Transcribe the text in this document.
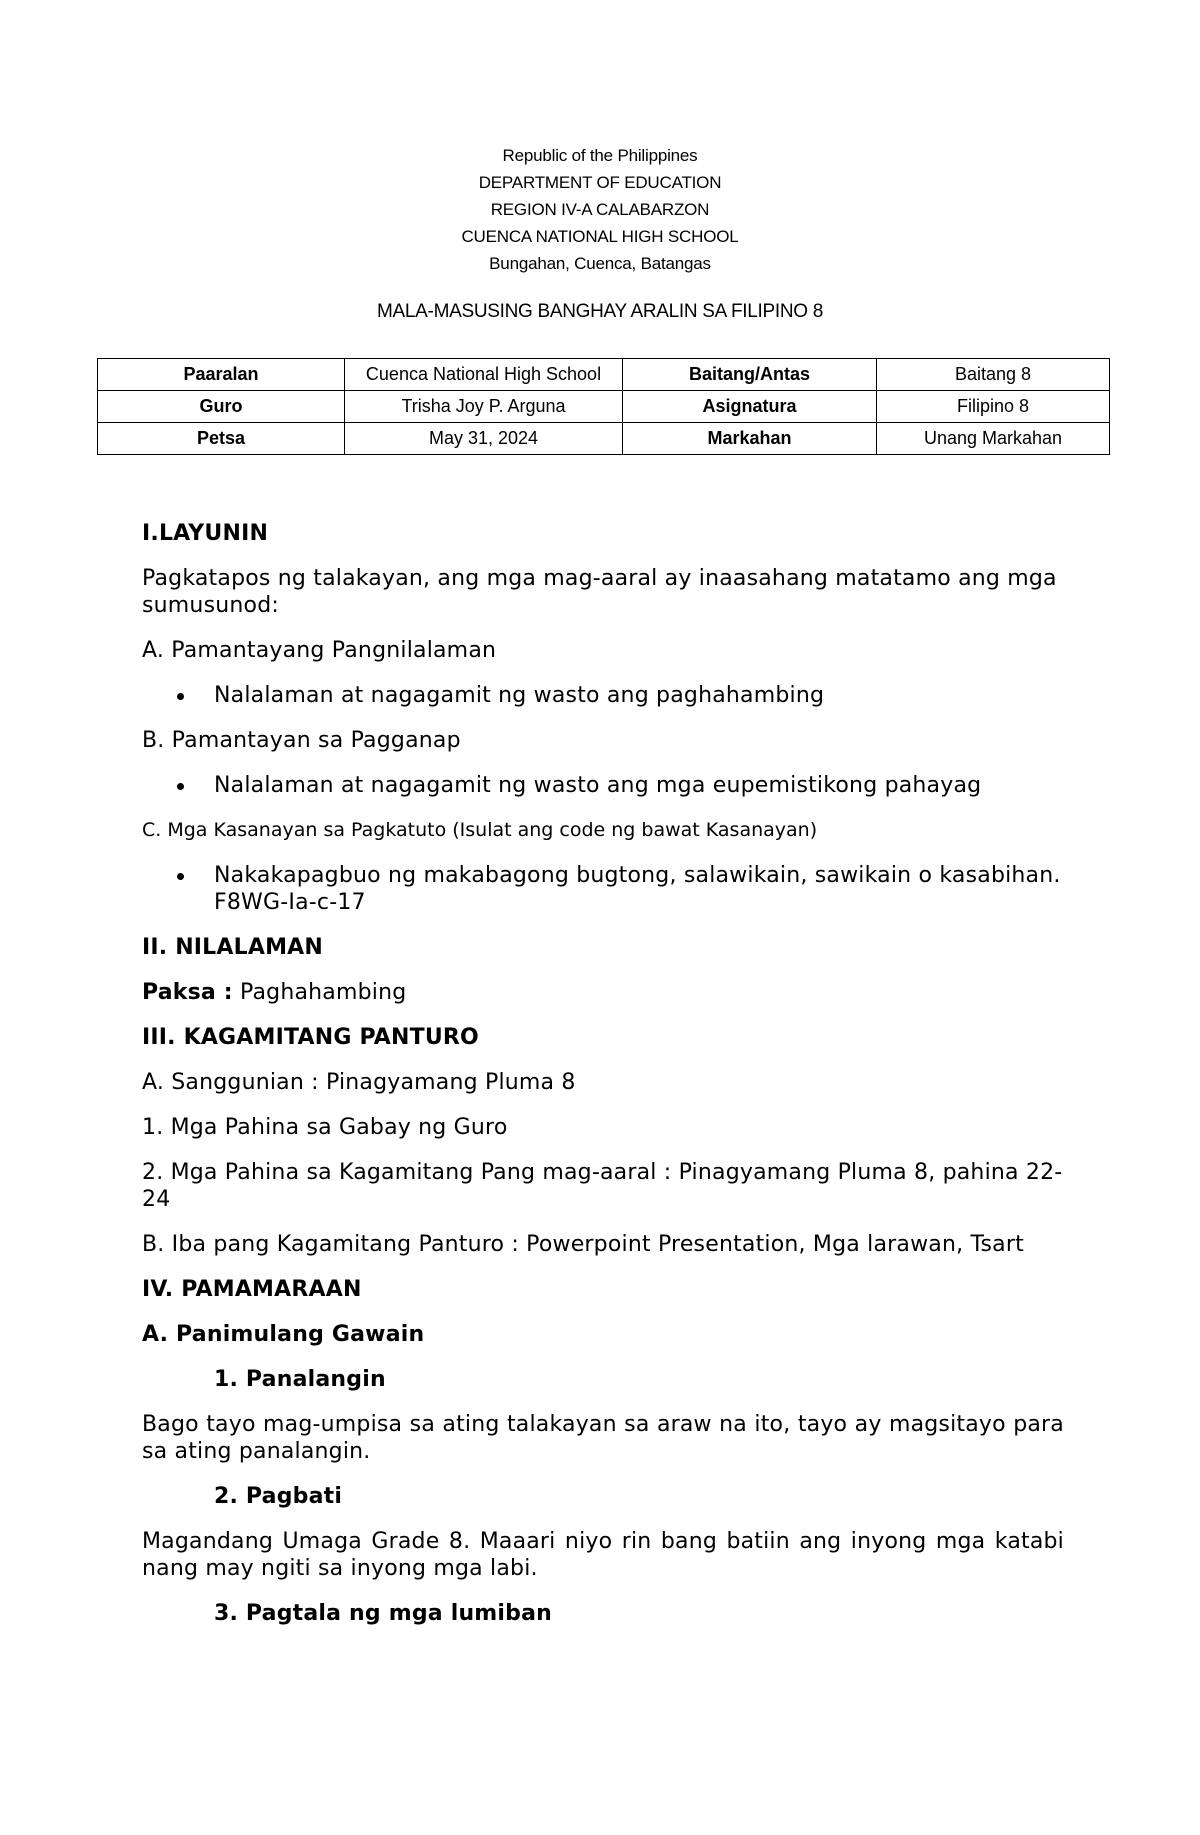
Republic of the Philippines
DEPARTMENT OF EDUCATION
REGION IV-A CALABARZON
CUENCA NATIONAL HIGH SCHOOL
Bungahan, Cuenca, Batangas
MALA-MASUSING BANGHAY ARALIN SA FILIPINO 8
Paaralan	Cuenca National High School	Baitang/Antas	Baitang 8
Guro	Trisha Joy P. Arguna	Asignatura	Filipino 8
Petsa	May 31, 2024	Markahan	Unang Markahan

I.LAYUNIN

Pagkatapos ng talakayan, ang mga mag-aaral ay inaasahang matatamo ang mga sumusunod:

A. Pamantayang Pangnilalaman

Nalalaman at nagagamit ng wasto ang paghahambing

B. Pamantayan sa Pagganap

Nalalaman at nagagamit ng wasto ang mga eupemistikong pahayag

C. Mga Kasanayan sa Pagkatuto (Isulat ang code ng bawat Kasanayan)

Nakakapagbuo ng makabagong bugtong, salawikain, sawikain o kasabihan. F8WG-Ia-c-17

II. NILALAMAN

Paksa : Paghahambing

III. KAGAMITANG PANTURO

A. Sanggunian : Pinagyamang Pluma 8

1. Mga Pahina sa Gabay ng Guro

2. Mga Pahina sa Kagamitang Pang mag-aaral : Pinagyamang Pluma 8, pahina 22-24

B. Iba pang Kagamitang Panturo : Powerpoint Presentation, Mga larawan, Tsart

IV. PAMAMARAAN

A. Panimulang Gawain

1. Panalangin

Bago tayo mag-umpisa sa ating talakayan sa araw na ito, tayo ay magsitayo para sa ating panalangin.

2. Pagbati

Magandang Umaga Grade 8. Maaari niyo rin bang batiin ang inyong mga katabi nang may ngiti sa inyong mga labi.

3. Pagtala ng mga lumiban
